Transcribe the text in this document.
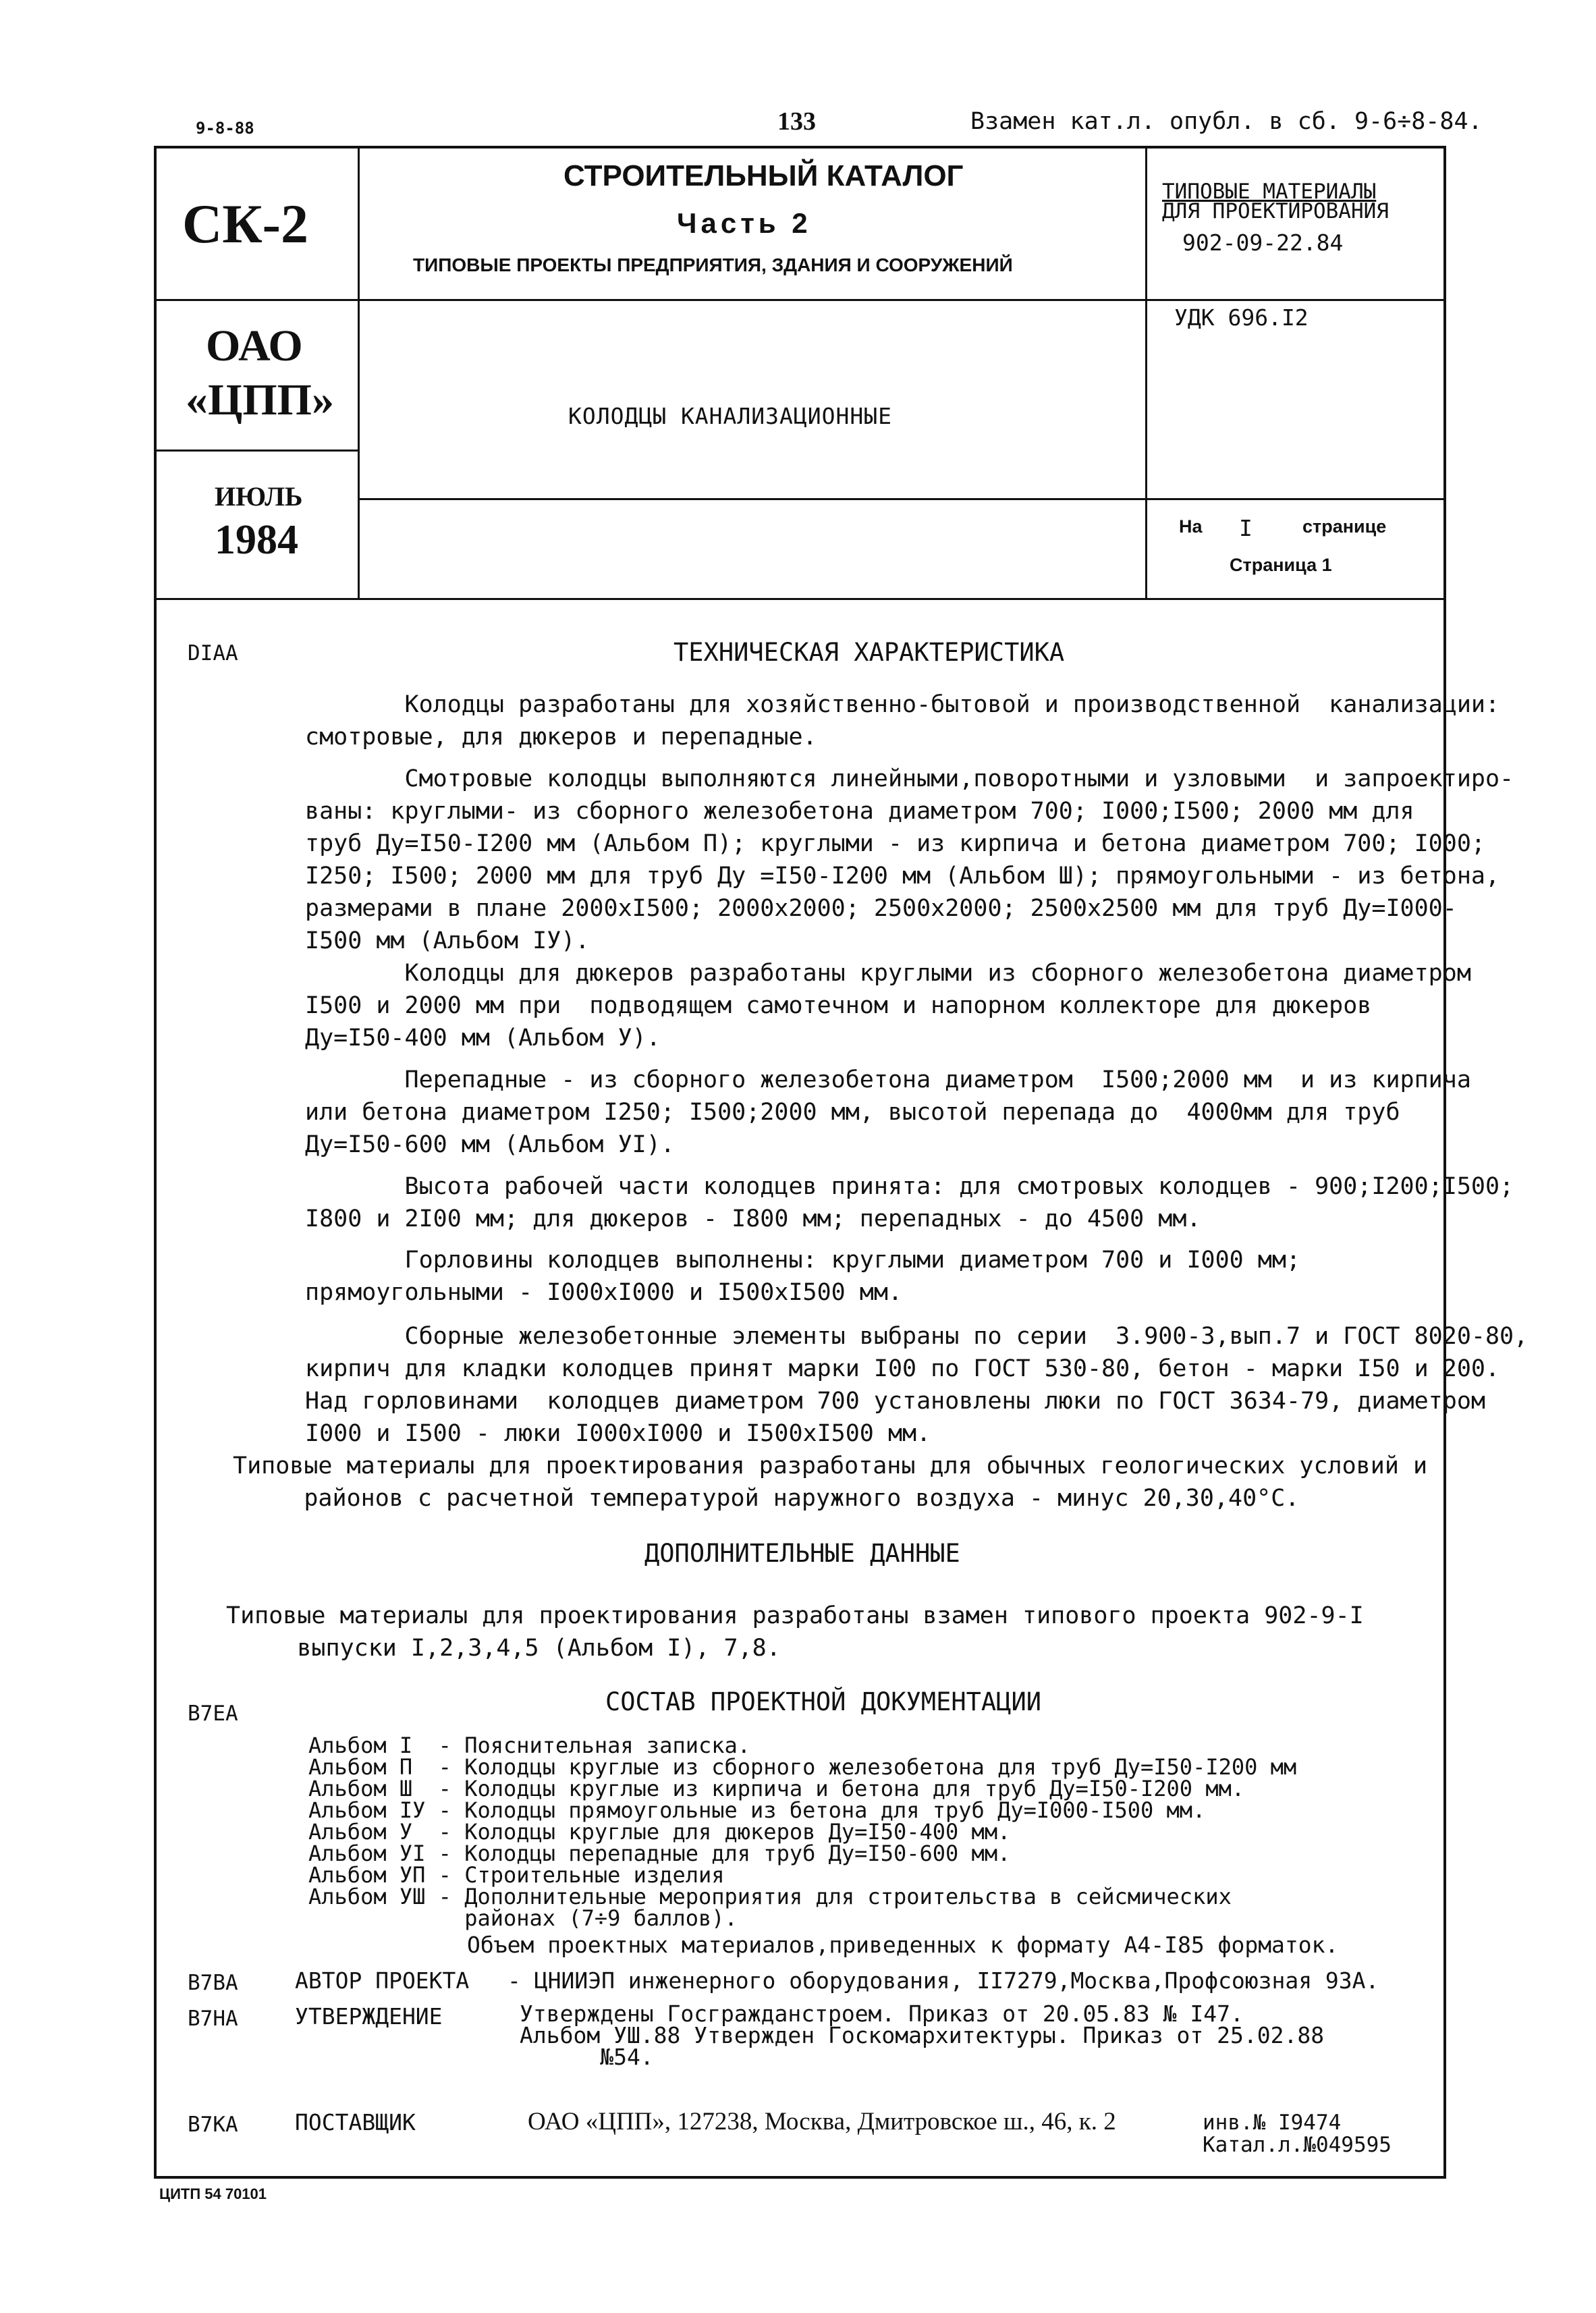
9-8-88	133	Взамен кат.л. опубл. в сб. 9-6÷8-84.
СК-2
ОАО
«ЦПП»
ИЮЛЬ
1984
СТРОИТЕЛЬНЫЙ КАТАЛОГ
Часть 2
ТИПОВЫЕ ПРОЕКТЫ ПРЕДПРИЯТИЯ, ЗДАНИЯ И СООРУЖЕНИЙ
КОЛОДЦЫ КАНАЛИЗАЦИОННЫЕ
ТИПОВЫЕ МАТЕРИАЛЫ
ДЛЯ ПРОЕКТИРОВАНИЯ
902-09-22.84
УДК 696.I2
На I	странице
Страница 1
DIAA	ТЕХНИЧЕСКАЯ ХАРАКТЕРИСТИКА
Колодцы разработаны для хозяйственно-бытовой и производственной  канализации:
смотровые, для дюкеров и перепадные.
Смотровые колодцы выполняются линейными,поворотными и узловыми  и запроектиро-
ваны: круглыми- из сборного железобетона диаметром 700; I000;I500; 2000 мм для
труб Ду=I50-I200 мм (Альбом П); круглыми - из кирпича и бетона диаметром 700; I000;
I250; I500; 2000 мм для труб Ду =I50-I200 мм (Альбом Ш); прямоугольными - из бетона,
размерами в плане 2000xI500; 2000x2000; 2500x2000; 2500x2500 мм для труб Ду=I000-
I500 мм (Альбом IУ).
Колодцы для дюкеров разработаны круглыми из сборного железобетона диаметром
I500 и 2000 мм при  подводящем самотечном и напорном коллекторе для дюкеров
Ду=I50-400 мм (Альбом У).
Перепадные - из сборного железобетона диаметром  I500;2000 мм  и из кирпича
или бетона диаметром I250; I500;2000 мм, высотой перепада до  4000мм для труб
Ду=I50-600 мм (Альбом УI).
Высота рабочей части колодцев принята: для смотровых колодцев - 900;I200;I500;
I800 и 2I00 мм; для дюкеров - I800 мм; перепадных - до 4500 мм.
Горловины колодцев выполнены: круглыми диаметром 700 и I000 мм;
прямоугольными - I000xI000 и I500xI500 мм.
Сборные железобетонные элементы выбраны по серии  3.900-3,вып.7 и ГОСТ 8020-80,
кирпич для кладки колодцев принят марки I00 по ГОСТ 530-80, бетон - марки I50 и 200.
Над горловинами  колодцев диаметром 700 установлены люки по ГОСТ 3634-79, диаметром
I000 и I500 - люки I000xI000 и I500xI500 мм.
Типовые материалы для проектирования разработаны для обычных геологических условий и
районов с расчетной температурой наружного воздуха - минус 20,30,40°С.
ДОПОЛНИТЕЛЬНЫЕ ДАННЫЕ
Типовые материалы для проектирования разработаны взамен типового проекта 902-9-I
выпуски I,2,3,4,5 (Альбом I), 7,8.
В7ЕА	СОСТАВ ПРОЕКТНОЙ ДОКУМЕНТАЦИИ
Альбом I  - Пояснительная записка.
Альбом П  - Колодцы круглые из сборного железобетона для труб Ду=I50-I200 мм
Альбом Ш  - Колодцы круглые из кирпича и бетона для труб Ду=I50-I200 мм.
Альбом IУ - Колодцы прямоугольные из бетона для труб Ду=I000-I500 мм.
Альбом У  - Колодцы круглые для дюкеров Ду=I50-400 мм.
Альбом УI - Колодцы перепадные для труб Ду=I50-600 мм.
Альбом УП - Строительные изделия
Альбом УШ - Дополнительные мероприятия для строительства в сейсмических
районах (7÷9 баллов).
Объем проектных материалов,приведенных к формату А4-I85 форматок.
В7ВА	АВТОР ПРОЕКТА - ЦНИИЭП инженерного оборудования, II7279,Москва,Профсоюзная 93А.
В7НА	УТВЕРЖДЕНИЕ	Утверждены Госгражданстроем. Приказ от 20.05.83 № I47.
Альбом УШ.88 Утвержден Госкомархитектуры. Приказ от 25.02.88
№54.
В7КА	ПОСТАВЩИК	ОАО «ЦПП», 127238, Москва, Дмитровское ш., 46, к. 2	инв.№ I9474
Катал.л.№049595
ЦИТП 54 70101
